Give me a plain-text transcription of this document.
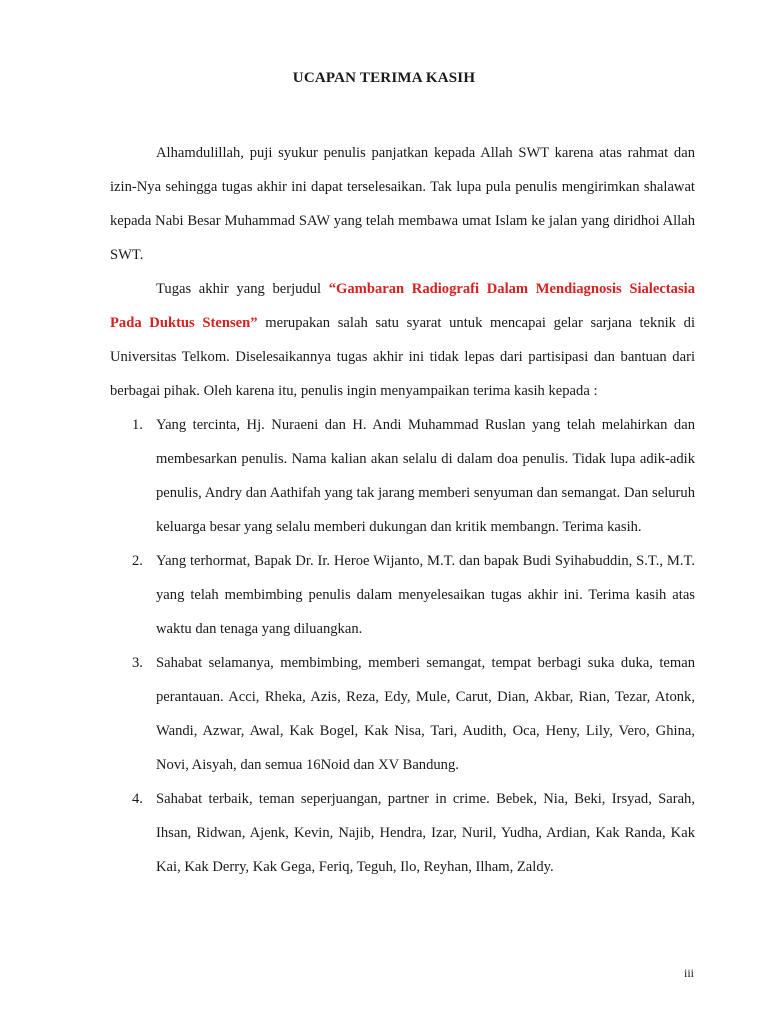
UCAPAN TERIMA KASIH

Alhamdulillah, puji syukur penulis panjatkan kepada Allah SWT karena atas rahmat dan izin-Nya sehingga tugas akhir ini dapat terselesaikan. Tak lupa pula penulis mengirimkan shalawat kepada Nabi Besar Muhammad SAW yang telah membawa umat Islam ke jalan yang diridhoi Allah SWT.

Tugas akhir yang berjudul “Gambaran Radiografi Dalam Mendiagnosis Sialectasia Pada Duktus Stensen” merupakan salah satu syarat untuk mencapai gelar sarjana teknik di Universitas Telkom. Diselesaikannya tugas akhir ini tidak lepas dari partisipasi dan bantuan dari berbagai pihak. Oleh karena itu, penulis ingin menyampaikan terima kasih kepada :

1. Yang tercinta, Hj. Nuraeni dan H. Andi Muhammad Ruslan yang telah melahirkan dan membesarkan penulis. Nama kalian akan selalu di dalam doa penulis. Tidak lupa adik-adik penulis, Andry dan Aathifah yang tak jarang memberi senyuman dan semangat. Dan seluruh keluarga besar yang selalu memberi dukungan dan kritik membangn. Terima kasih.
2. Yang terhormat, Bapak Dr. Ir. Heroe Wijanto, M.T. dan bapak Budi Syihabuddin, S.T., M.T. yang telah membimbing penulis dalam menyelesaikan tugas akhir ini. Terima kasih atas waktu dan tenaga yang diluangkan.
3. Sahabat selamanya, membimbing, memberi semangat, tempat berbagi suka duka, teman perantauan. Acci, Rheka, Azis, Reza, Edy, Mule, Carut, Dian, Akbar, Rian, Tezar, Atonk, Wandi, Azwar, Awal, Kak Bogel, Kak Nisa, Tari, Audith, Oca, Heny, Lily, Vero, Ghina, Novi, Aisyah, dan semua 16Noid dan XV Bandung.
4. Sahabat terbaik, teman seperjuangan, partner in crime. Bebek, Nia, Beki, Irsyad, Sarah, Ihsan, Ridwan, Ajenk, Kevin, Najib, Hendra, Izar, Nuril, Yudha, Ardian, Kak Randa, Kak Kai, Kak Derry, Kak Gega, Feriq, Teguh, Ilo, Reyhan, Ilham, Zaldy.
iii
